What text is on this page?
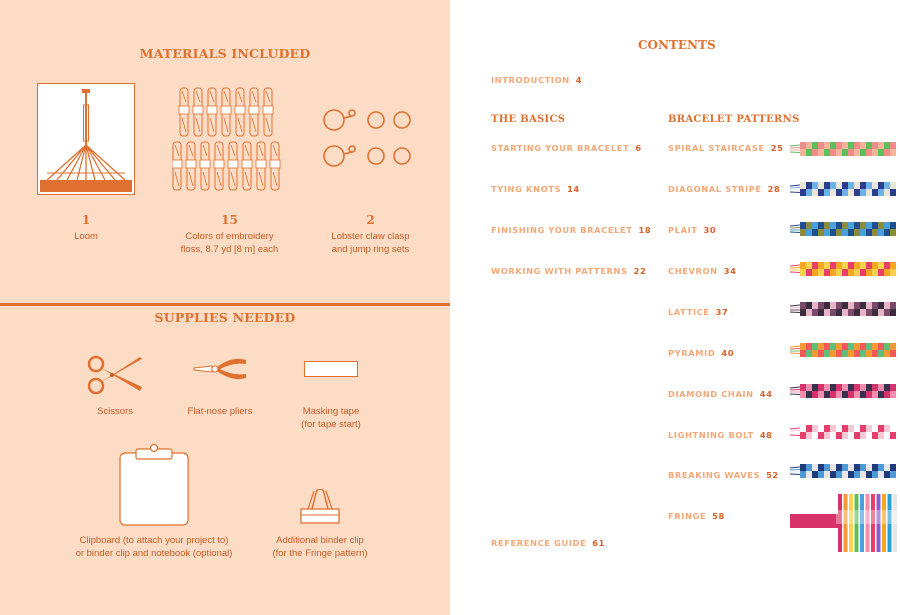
MATERIALS INCLUDED
1
Loom
15
Colors of embroidery
floss, 8.7 yd [8 m] each
2
Lobster claw clasp
and jump ring sets
SUPPLIES NEEDED
Scissors	Flat-nose pliers	Masking tape
(for tape start)
Clipboard (to attach your project to)
or binder clip and notebook (optional)
Additional binder clip
(for the Fringe pattern)
CONTENTS
INTRODUCTION 4
THE BASICS	BRACELET PATTERNS
STARTING YOUR BRACELET 6
TYING KNOTS 14
FINISHING YOUR BRACELET 18
WORKING WITH PATTERNS 22
SPIRAL STAIRCASE 25
DIAGONAL STRIPE 28
PLAIT 30
CHEVRON 34
LATTICE 37
PYRAMID 40
DIAMOND CHAIN 44
LIGHTNING BOLT 48
BREAKING WAVES 52
FRINGE 58
REFERENCE GUIDE 61
